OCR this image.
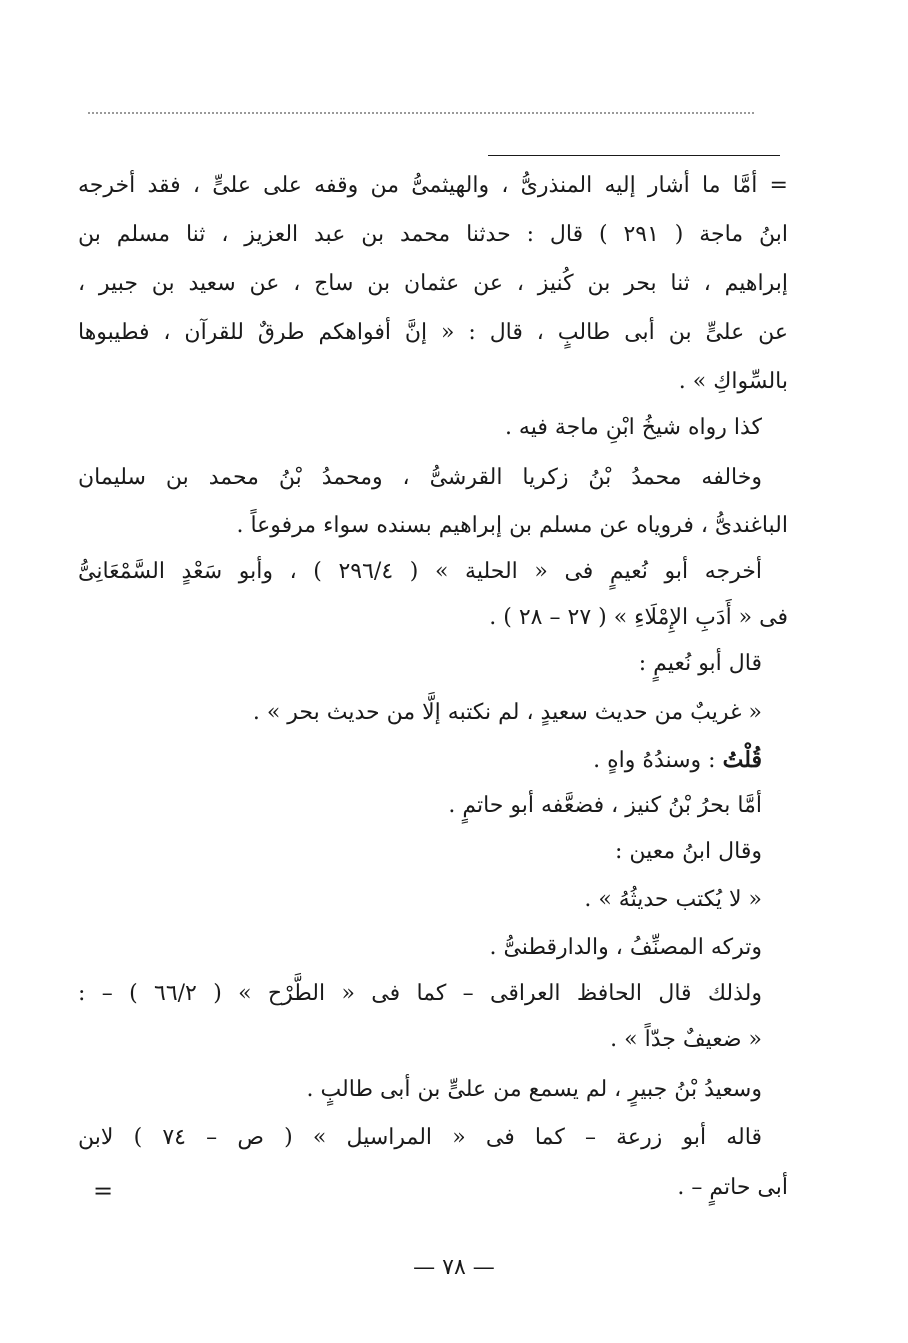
= أمَّا ما أشار إليه المنذرىُّ ، والهيثمىُّ من وقفه على علىٍّ ، فقد أخرجه
ابنُ ماجة ( ٢٩١ ) قال : حدثنا محمد بن عبد العزيز ، ثنا مسلم بن
إبراهيم ، ثنا بحر بن كُنيز ، عن عثمان بن ساج ، عن سعيد بن جبير ،
عن علىٍّ بن أبى طالبٍ ، قال : « إنَّ أفواهكم طرقٌ للقرآن ، فطيبوها
بالسِّواكِ » .
كذا رواه شيخُ ابْنِ ماجة فيه .
وخالفه محمدُ بْنُ زكريا القرشىُّ ، ومحمدُ بْنُ محمد بن سليمان
الباغندىُّ ، فروياه عن مسلم بن إبراهيم بسنده سواء مرفوعاً .
أخرجه أبو نُعيمٍ فى « الحلية » ( ٢٩٦/٤ ) ، وأبو سَعْدٍ السَّمْعَانِىُّ
فى « أَدَبِ الإِمْلَاءِ » ( ٢٧ – ٢٨ ) .
قال أبو نُعيمٍ :
« غريبٌ من حديث سعيدٍ ، لم نكتبه إلَّا من حديث بحر » .
قُلْتُ : وسندُهُ واهٍ .
أمَّا بحرُ بْنُ كنيز ، فضعَّفه أبو حاتمٍ .
وقال ابنُ معين :
« لا يُكتب حديثُهُ » .
وتركه المصنِّفُ ، والدارقطنىُّ .
ولذلك قال الحافظ العراقى – كما فى « الطَّرْح » ( ٦٦/٢ ) – :
« ضعيفٌ جدّاً » .
وسعيدُ بْنُ جبيرٍ ، لم يسمع من علىٍّ بن أبى طالبٍ .
قاله أبو زرعة – كما فى « المراسيل » ( ص – ٧٤ ) لابن
أبى حاتمٍ – .
=
— ٧٨ —
